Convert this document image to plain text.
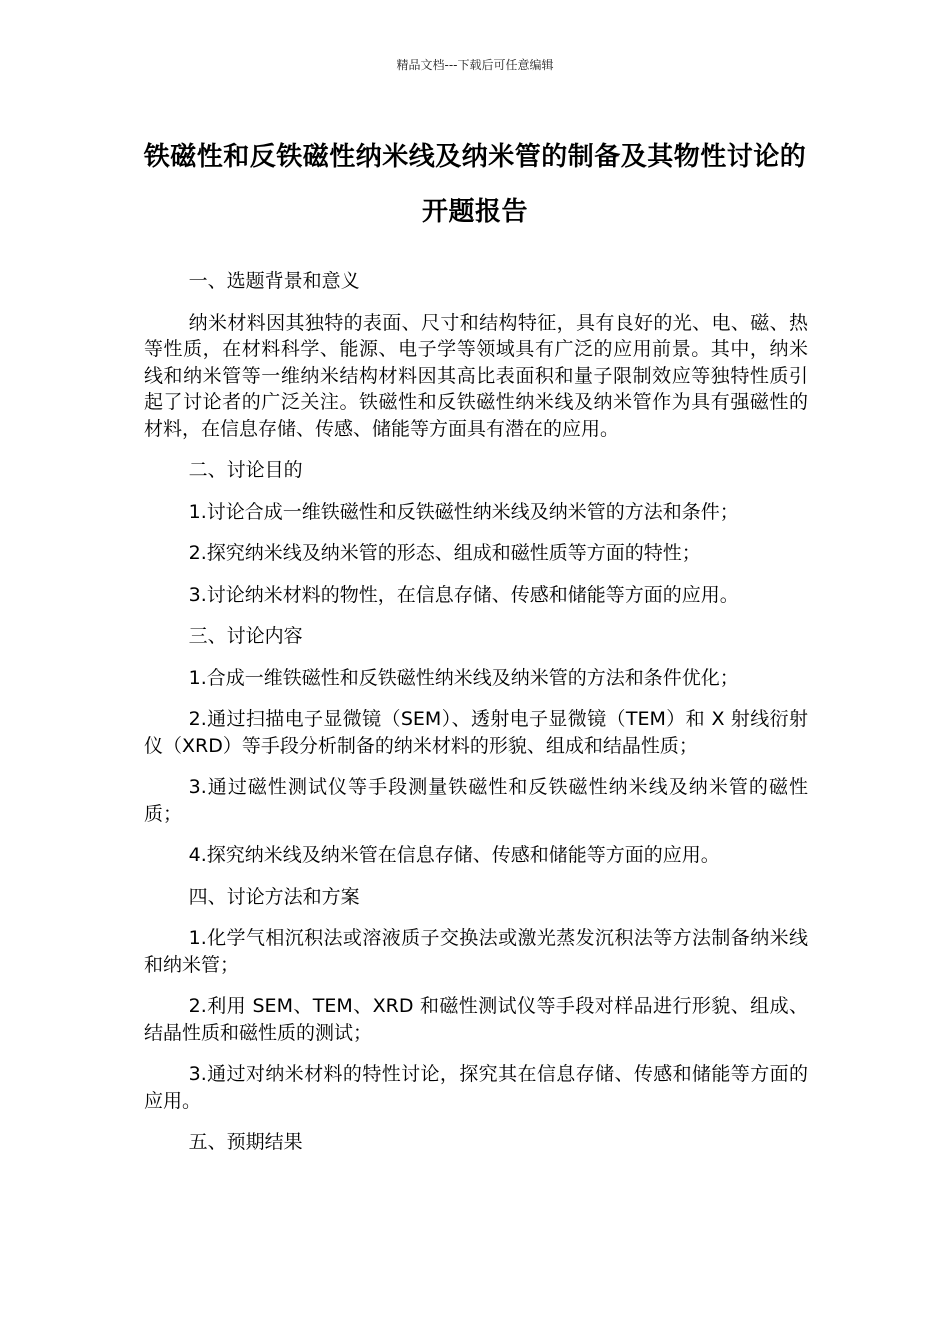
精品文档---下载后可任意编辑
铁磁性和反铁磁性纳米线及纳米管的制备及其物性讨论的开题报告

一、选题背景和意义

纳米材料因其独特的表面、尺寸和结构特征，具有良好的光、电、磁、热等性质，在材料科学、能源、电子学等领域具有广泛的应用前景。其中，纳米线和纳米管等一维纳米结构材料因其高比表面积和量子限制效应等独特性质引起了讨论者的广泛关注。铁磁性和反铁磁性纳米线及纳米管作为具有强磁性的材料，在信息存储、传感、储能等方面具有潜在的应用。

二、讨论目的

1.讨论合成一维铁磁性和反铁磁性纳米线及纳米管的方法和条件；

2.探究纳米线及纳米管的形态、组成和磁性质等方面的特性；

3.讨论纳米材料的物性，在信息存储、传感和储能等方面的应用。

三、讨论内容

1.合成一维铁磁性和反铁磁性纳米线及纳米管的方法和条件优化；

2.通过扫描电子显微镜（SEM）、透射电子显微镜（TEM）和 X 射线衍射仪（XRD）等手段分析制备的纳米材料的形貌、组成和结晶性质；

3.通过磁性测试仪等手段测量铁磁性和反铁磁性纳米线及纳米管的磁性质；

4.探究纳米线及纳米管在信息存储、传感和储能等方面的应用。

四、讨论方法和方案

1.化学气相沉积法或溶液质子交换法或激光蒸发沉积法等方法制备纳米线和纳米管；

2.利用 SEM、TEM、XRD 和磁性测试仪等手段对样品进行形貌、组成、结晶性质和磁性质的测试；

3.通过对纳米材料的特性讨论，探究其在信息存储、传感和储能等方面的应用。

五、预期结果
